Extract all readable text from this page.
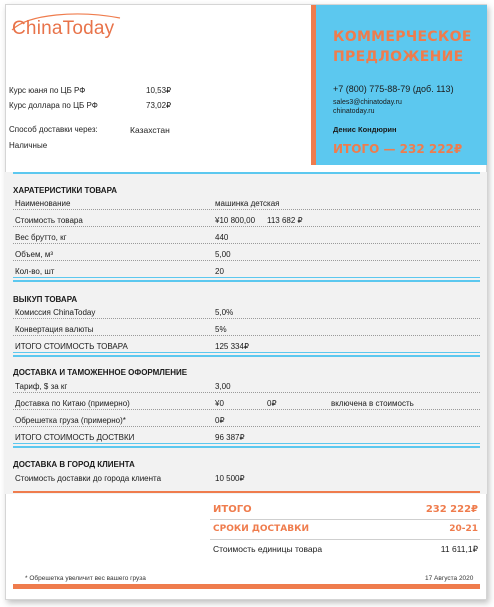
ChinaToday
Курс юаня по ЦБ РФ	10,53₽
Курс доллара по ЦБ РФ	73,02₽
Способ доставки через:	Казахстан
Наличные
КОММЕРЧЕСКОЕ ПРЕДЛОЖЕНИЕ
+7 (800) 775-88-79 (доб. 113)
sales3@chinatoday.ru
chinatoday.ru
Денис Кондюрин
ИТОГО — 232 222₽
ХАРАТЕРИСТИКИ ТОВАРА
Наименование	машинка детская
Стоимость товара	¥10 800,00 113 682 ₽
Вес брутто, кг	440
Объем, м³	5,00
Кол-во, шт	20
ВЫКУП ТОВАРА
Комиссия ChinaToday	5,0%
Конвертация валюты	5%
ИТОГО СТОИМОСТЬ ТОВАРА	125 334₽
ДОСТАВКА И ТАМОЖЕННОЕ ОФОРМЛЕНИЕ
Тариф, $ за кг	3,00
Доставка по Китаю (примерно)	¥0	0₽	включена в стоимость
Обрешетка груза (примерно)*	0₽
ИТОГО СТОИМОСТЬ ДОСТВКИ	96 387₽
ДОСТАВКА В ГОРОД КЛИЕНТА
Стоимость доставки до города клиента	10 500₽
ИТОГО	232 222₽
СРОКИ ДОСТАВКИ	20-21
Стоимость единицы товара	11 611,1₽
* Обрешетка увеличит вес вашего груза	17 Августа 2020
